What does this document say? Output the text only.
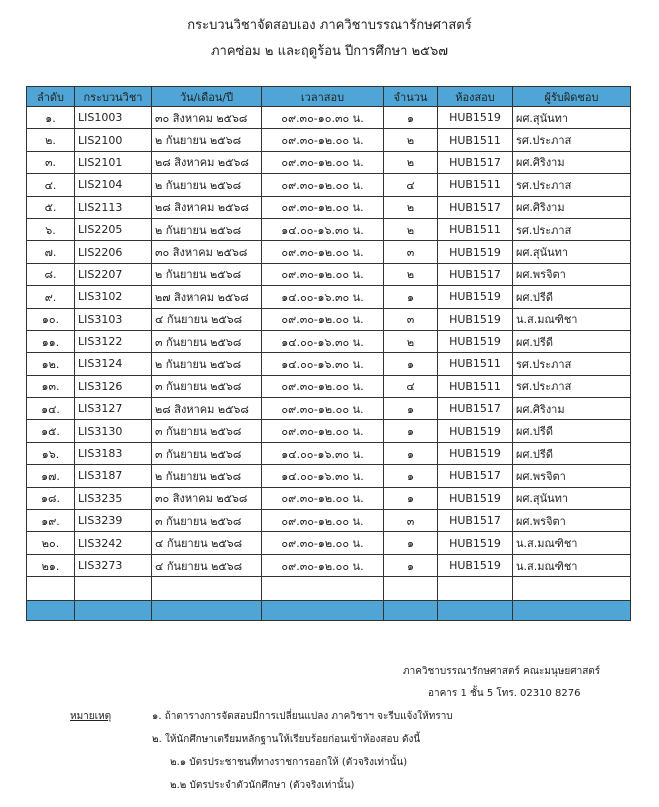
กระบวนวิชาจัดสอบเอง ภาควิชาบรรณารักษศาสตร์
ภาคซ่อม ๒ และฤดูร้อน ปีการศึกษา ๒๕๖๗
ลำดับ	กระบวนวิชา	วัน/เดือน/ปี	เวลาสอบ	จำนวน	ห้องสอบ	ผู้รับผิดชอบ
๑.	LIS1003	๓๐ สิงหาคม ๒๕๖๘	๐๙.๓๐-๑๐.๓๐ น.	๑	HUB1519	ผศ.สุนันทา
๒.	LIS2100	๒ กันยายน ๒๕๖๘	๐๙.๓๐-๑๒.๐๐ น.	๒	HUB1511	รศ.ประภาส
๓.	LIS2101	๒๘ สิงหาคม ๒๕๖๘	๐๙.๓๐-๑๒.๐๐ น.	๒	HUB1517	ผศ.ศิริงาม
๔.	LIS2104	๒ กันยายน ๒๕๖๘	๐๙.๓๐-๑๒.๐๐ น.	๔	HUB1511	รศ.ประภาส
๕.	LIS2113	๒๘ สิงหาคม ๒๕๖๘	๐๙.๓๐-๑๒.๐๐ น.	๒	HUB1517	ผศ.ศิริงาม
๖.	LIS2205	๒ กันยายน ๒๕๖๘	๑๔.๐๐-๑๖.๓๐ น.	๒	HUB1511	รศ.ประภาส
๗.	LIS2206	๓๐ สิงหาคม ๒๕๖๘	๐๙.๓๐-๑๒.๐๐ น.	๓	HUB1519	ผศ.สุนันทา
๘.	LIS2207	๒ กันยายน ๒๕๖๘	๐๙.๓๐-๑๒.๐๐ น.	๒	HUB1517	ผศ.พรจิตา
๙.	LIS3102	๒๗ สิงหาคม ๒๕๖๘	๑๔.๐๐-๑๖.๓๐ น.	๑	HUB1519	ผศ.ปรีดี
๑๐.	LIS3103	๔ กันยายน ๒๕๖๘	๐๙.๓๐-๑๒.๐๐ น.	๓	HUB1519	น.ส.มณฑิชา
๑๑.	LIS3122	๓ กันยายน ๒๕๖๘	๑๔.๐๐-๑๖.๓๐ น.	๒	HUB1519	ผศ.ปรีดี
๑๒.	LIS3124	๒ กันยายน ๒๕๖๘	๑๔.๐๐-๑๖.๓๐ น.	๑	HUB1511	รศ.ประภาส
๑๓.	LIS3126	๓ กันยายน ๒๕๖๘	๐๙.๓๐-๑๒.๐๐ น.	๔	HUB1511	รศ.ประภาส
๑๔.	LIS3127	๒๘ สิงหาคม ๒๕๖๘	๐๙.๓๐-๑๒.๐๐ น.	๑	HUB1517	ผศ.ศิริงาม
๑๕.	LIS3130	๓ กันยายน ๒๕๖๘	๐๙.๓๐-๑๒.๐๐ น.	๑	HUB1519	ผศ.ปรีดี
๑๖.	LIS3183	๓ กันยายน ๒๕๖๘	๑๔.๐๐-๑๖.๓๐ น.	๑	HUB1519	ผศ.ปรีดี
๑๗.	LIS3187	๒ กันยายน ๒๕๖๘	๑๔.๐๐-๑๖.๓๐ น.	๑	HUB1517	ผศ.พรจิตา
๑๘.	LIS3235	๓๐ สิงหาคม ๒๕๖๘	๐๙.๓๐-๑๒.๐๐ น.	๑	HUB1519	ผศ.สุนันทา
๑๙.	LIS3239	๓ กันยายน ๒๕๖๘	๐๙.๓๐-๑๒.๐๐ น.	๓	HUB1517	ผศ.พรจิตา
๒๐.	LIS3242	๔ กันยายน ๒๕๖๘	๐๙.๓๐-๑๒.๐๐ น.	๑	HUB1519	น.ส.มณฑิชา
๒๑.	LIS3273	๔ กันยายน ๒๕๖๘	๐๙.๓๐-๑๒.๐๐ น.	๑	HUB1519	น.ส.มณฑิชา

ภาควิชาบรรณารักษศาสตร์ คณะมนุษยศาสตร์
อาคาร 1 ชั้น 5 โทร. 02310 8276
หมายเหตุ	๑. ถ้าตารางการจัดสอบมีการเปลี่ยนแปลง ภาควิชาฯ จะรีบแจ้งให้ทราบ
๒. ให้นักศึกษาเตรียมหลักฐานให้เรียบร้อยก่อนเข้าห้องสอบ ดังนี้
๒.๑ บัตรประชาชนที่ทางราชการออกให้ (ตัวจริงเท่านั้น)
๒.๒ บัตรประจำตัวนักศึกษา (ตัวจริงเท่านั้น)
